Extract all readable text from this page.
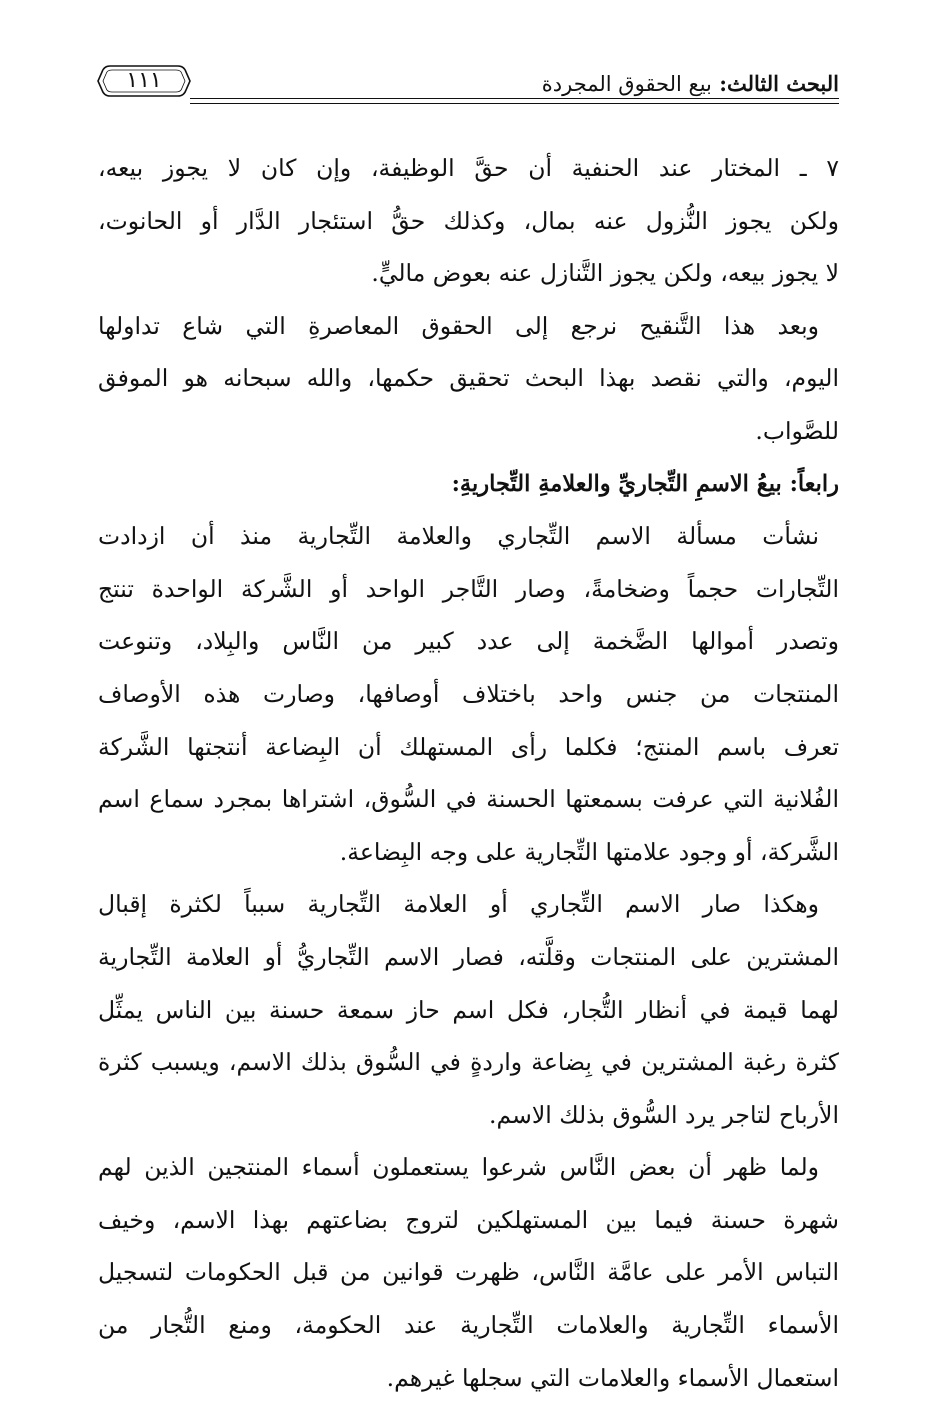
البحث الثالث: بيع الحقوق المجردة
١١١
٧ ـ المختار عند الحنفية أن حقَّ الوظيفة، وإن كان لا يجوز بيعه،
ولكن يجوز النُّزول عنه بمال، وكذلك حقُّ استئجار الدَّار أو الحانوت،
لا يجوز بيعه، ولكن يجوز التَّنازل عنه بعوض ماليٍّ.
وبعد هذا التَّنقيح نرجع إلى الحقوق المعاصرةِ التي شاع تداولها
اليوم، والتي نقصد بهذا البحث تحقيق حكمها، والله سبحانه هو الموفق
للصَّواب.
رابعاً: بيعُ الاسمِ التِّجاريِّ والعلامةِ التِّجاريةِ:
نشأت مسألة الاسم التِّجاري والعلامة التِّجارية منذ أن ازدادت
التِّجارات حجماً وضخامةً، وصار التَّاجر الواحد أو الشَّركة الواحدة تنتج
وتصدر أموالها الضَّخمة إلى عدد كبير من النَّاس والبِلاد، وتنوعت
المنتجات من جنس واحد باختلاف أوصافها، وصارت هذه الأوصاف
تعرف باسم المنتج؛ فكلما رأى المستهلك أن البِضاعة أنتجتها الشَّركة
الفُلانية التي عرفت بسمعتها الحسنة في السُّوق، اشتراها بمجرد سماع اسم
الشَّركة، أو وجود علامتها التِّجارية على وجه البِضاعة.
وهكذا صار الاسم التِّجاري أو العلامة التِّجارية سبباً لكثرة إقبال
المشترين على المنتجات وقلَّته، فصار الاسم التِّجاريُّ أو العلامة التِّجارية
لهما قيمة في أنظار التُّجار، فكل اسم حاز سمعة حسنة بين الناس يمثِّل
كثرة رغبة المشترين في بِضاعة واردةٍ في السُّوق بذلك الاسم، ويسبب كثرة
الأرباح لتاجر يرد السُّوق بذلك الاسم.
ولما ظهر أن بعض النَّاس شرعوا يستعملون أسماء المنتجين الذين لهم
شهرة حسنة فيما بين المستهلكين لتروج بضاعتهم بهذا الاسم، وخيف
التباس الأمر على عامَّة النَّاس، ظهرت قوانين من قبل الحكومات لتسجيل
الأسماء التِّجارية والعلامات التِّجارية عند الحكومة، ومنع التُّجار من
استعمال الأسماء والعلامات التي سجلها غيرهم.
